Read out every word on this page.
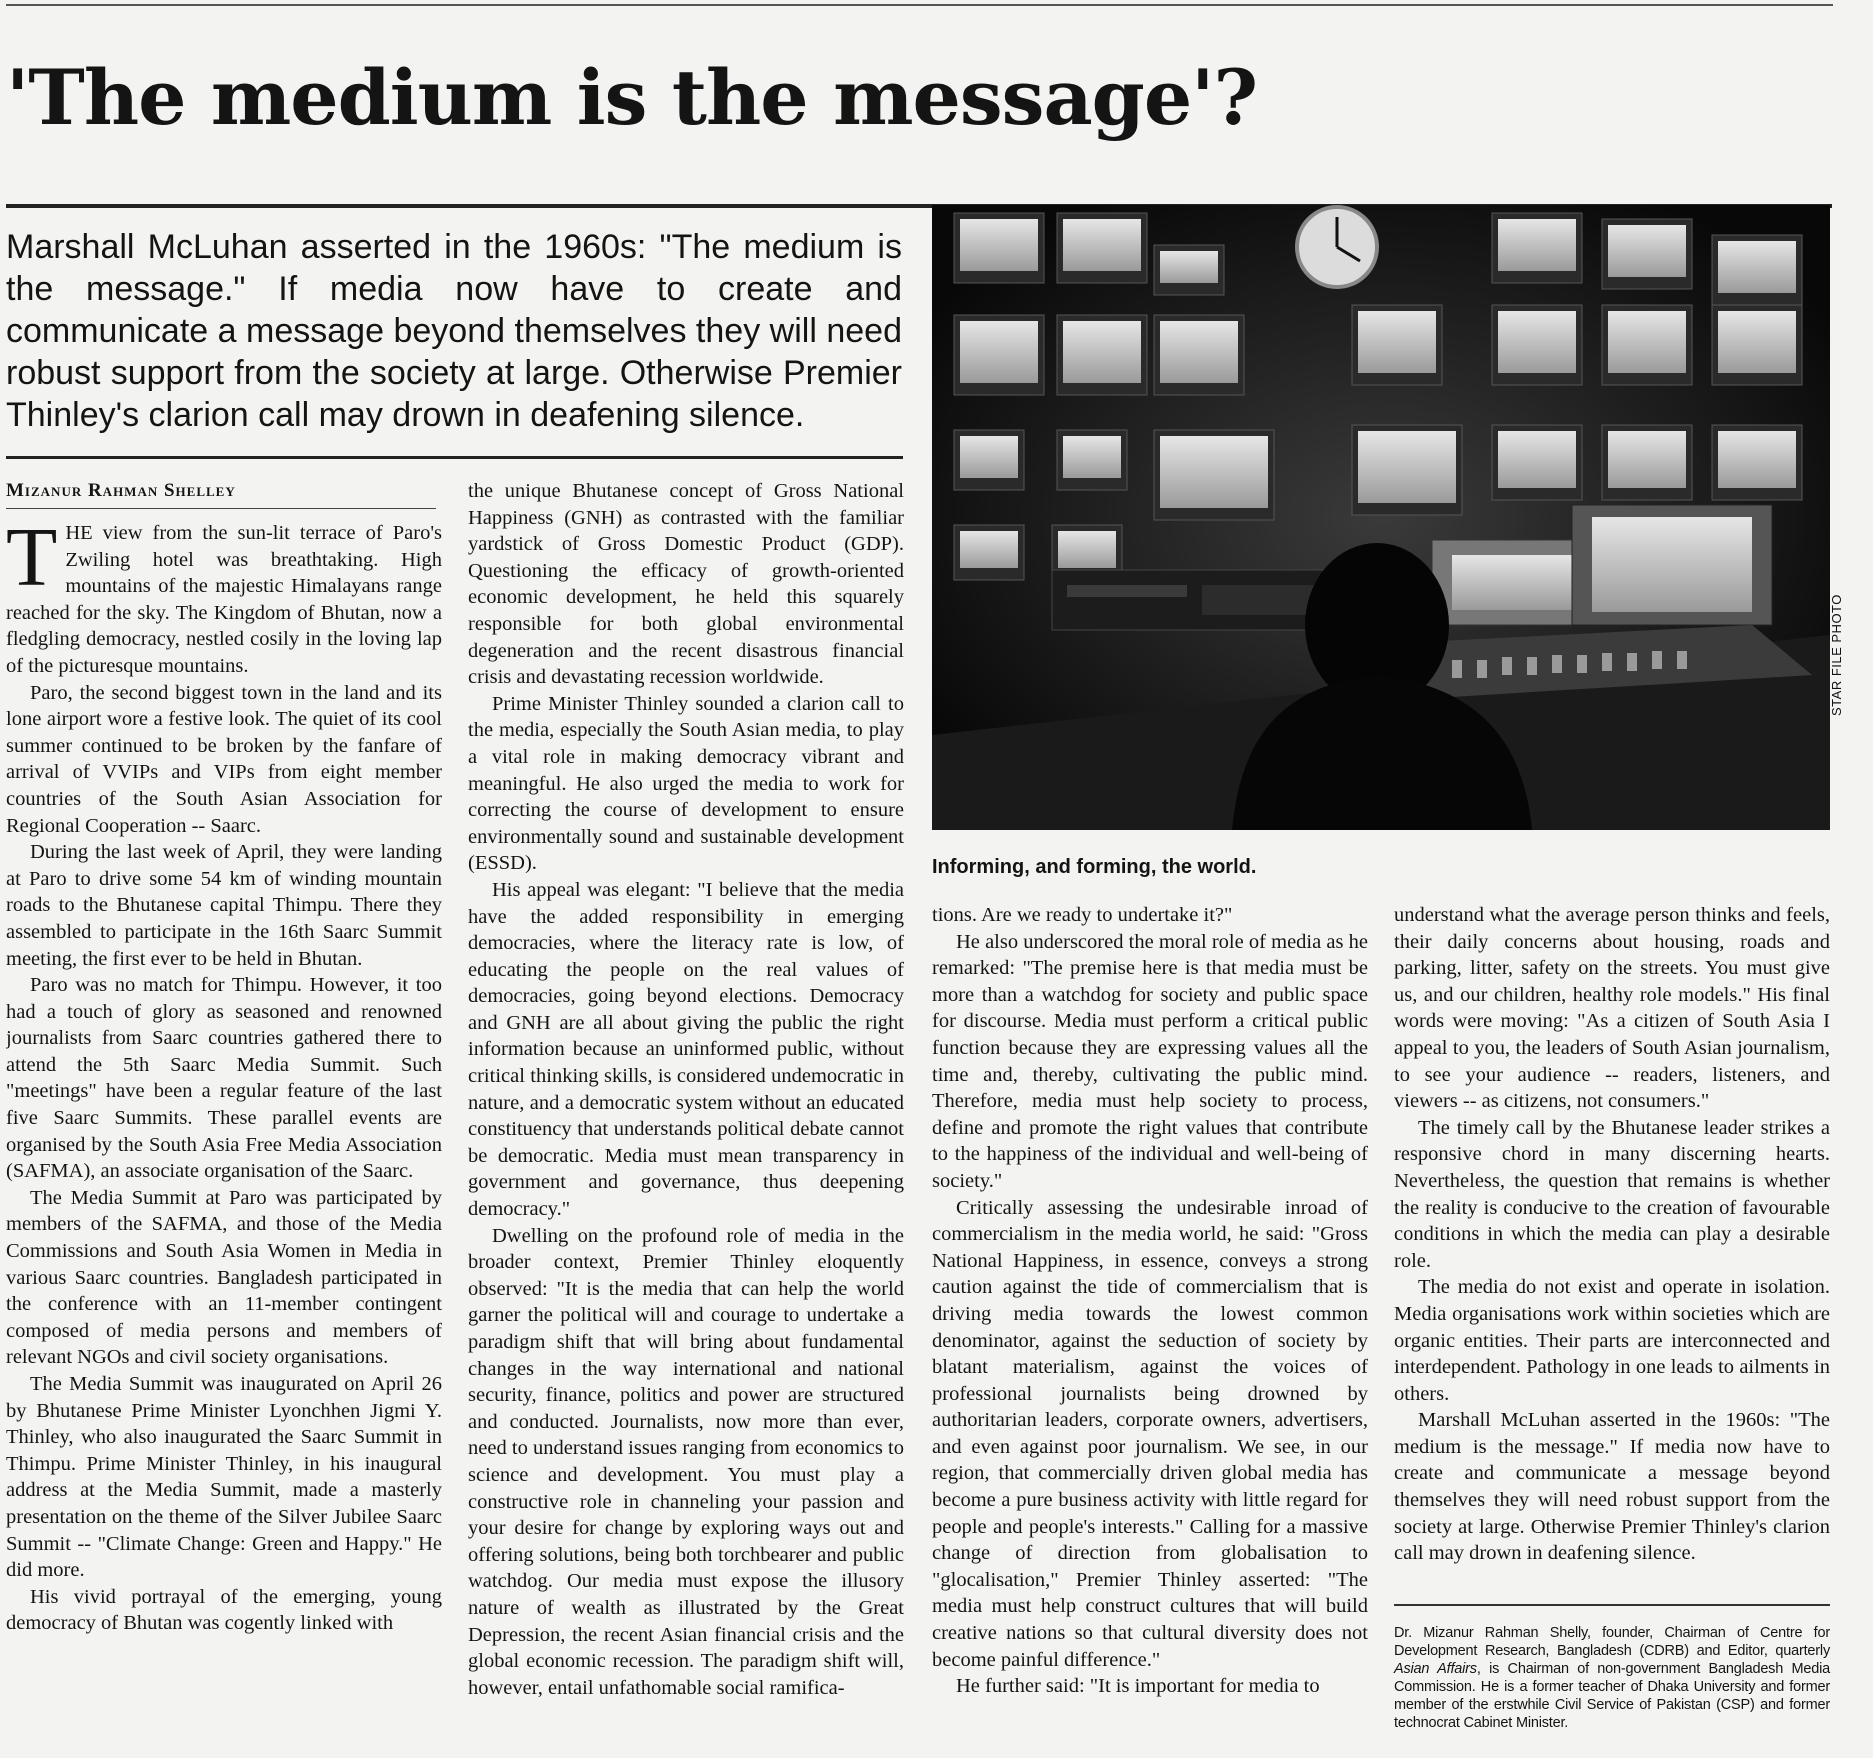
'The medium is the message'?

Marshall McLuhan asserted in the 1960s: "The medium is the message." If media now have to create and communicate a message beyond themselves they will need robust support from the society at large. Otherwise Premier Thinley's clarion call may drown in deafening silence.

Mizanur Rahman Shelley

THE view from the sun-lit terrace of Paro's Zwiling hotel was breathtaking. High mountains of the majestic Himalayans range reached for the sky. The Kingdom of Bhutan, now a fledgling democracy, nestled cosily in the loving lap of the picturesque mountains.

Paro, the second biggest town in the land and its lone airport wore a festive look. The quiet of its cool summer continued to be broken by the fanfare of arrival of VVIPs and VIPs from eight member countries of the South Asian Association for Regional Cooperation -- Saarc.

During the last week of April, they were landing at Paro to drive some 54 km of winding mountain roads to the Bhutanese capital Thimpu. There they assembled to participate in the 16th Saarc Summit meeting, the first ever to be held in Bhutan.

Paro was no match for Thimpu. However, it too had a touch of glory as seasoned and renowned journalists from Saarc countries gathered there to attend the 5th Saarc Media Summit. Such "meetings" have been a regular feature of the last five Saarc Summits. These parallel events are organised by the South Asia Free Media Association (SAFMA), an associate organisation of the Saarc.

The Media Summit at Paro was participated by members of the SAFMA, and those of the Media Commissions and South Asia Women in Media in various Saarc countries. Bangladesh participated in the conference with an 11-member contingent composed of media persons and members of relevant NGOs and civil society organisations.

The Media Summit was inaugurated on April 26 by Bhutanese Prime Minister Lyonchhen Jigmi Y. Thinley, who also inaugurated the Saarc Summit in Thimpu. Prime Minister Thinley, in his inaugural address at the Media Summit, made a masterly presentation on the theme of the Silver Jubilee Saarc Summit -- "Climate Change: Green and Happy." He did more.

His vivid portrayal of the emerging, young democracy of Bhutan was cogently linked with

the unique Bhutanese concept of Gross National Happiness (GNH) as contrasted with the familiar yardstick of Gross Domestic Product (GDP). Questioning the efficacy of growth-oriented economic development, he held this squarely responsible for both global environmental degeneration and the recent disastrous financial crisis and devastating recession worldwide.

Prime Minister Thinley sounded a clarion call to the media, especially the South Asian media, to play a vital role in making democracy vibrant and meaningful. He also urged the media to work for correcting the course of development to ensure environmentally sound and sustainable development (ESSD).

His appeal was elegant: "I believe that the media have the added responsibility in emerging democracies, where the literacy rate is low, of educating the people on the real values of democracies, going beyond elections. Democracy and GNH are all about giving the public the right information because an uninformed public, without critical thinking skills, is considered undemocratic in nature, and a democratic system without an educated constituency that understands political debate cannot be democratic. Media must mean transparency in government and governance, thus deepening democracy."

Dwelling on the profound role of media in the broader context, Premier Thinley eloquently observed: "It is the media that can help the world garner the political will and courage to undertake a paradigm shift that will bring about fundamental changes in the way international and national security, finance, politics and power are structured and conducted. Journalists, now more than ever, need to understand issues ranging from economics to science and development. You must play a constructive role in channeling your passion and your desire for change by exploring ways out and offering solutions, being both torchbearer and public watchdog. Our media must expose the illusory nature of wealth as illustrated by the Great Depression, the recent Asian financial crisis and the global economic recession. The paradigm shift will, however, entail unfathomable social ramifica-

STAR FILE PHOTO

Informing, and forming, the world.

tions. Are we ready to undertake it?"

He also underscored the moral role of media as he remarked: "The premise here is that media must be more than a watchdog for society and public space for discourse. Media must perform a critical public function because they are expressing values all the time and, thereby, cultivating the public mind. Therefore, media must help society to process, define and promote the right values that contribute to the happiness of the individual and well-being of society."

Critically assessing the undesirable inroad of commercialism in the media world, he said: "Gross National Happiness, in essence, conveys a strong caution against the tide of commercialism that is driving media towards the lowest common denominator, against the seduction of society by blatant materialism, against the voices of professional journalists being drowned by authoritarian leaders, corporate owners, advertisers, and even against poor journalism. We see, in our region, that commercially driven global media has become a pure business activity with little regard for people and people's interests." Calling for a massive change of direction from globalisation to "glocalisation," Premier Thinley asserted: "The media must help construct cultures that will build creative nations so that cultural diversity does not become painful difference."

He further said: "It is important for media to

understand what the average person thinks and feels, their daily concerns about housing, roads and parking, litter, safety on the streets. You must give us, and our children, healthy role models." His final words were moving: "As a citizen of South Asia I appeal to you, the leaders of South Asian journalism, to see your audience -- readers, listeners, and viewers -- as citizens, not consumers."

The timely call by the Bhutanese leader strikes a responsive chord in many discerning hearts. Nevertheless, the question that remains is whether the reality is conducive to the creation of favourable conditions in which the media can play a desirable role.

The media do not exist and operate in isolation. Media organisations work within societies which are organic entities. Their parts are interconnected and interdependent. Pathology in one leads to ailments in others.

Marshall McLuhan asserted in the 1960s: "The medium is the message." If media now have to create and communicate a message beyond themselves they will need robust support from the society at large. Otherwise Premier Thinley's clarion call may drown in deafening silence.

Dr. Mizanur Rahman Shelly, founder, Chairman of Centre for Development Research, Bangladesh (CDRB) and Editor, quarterly Asian Affairs, is Chairman of non-government Bangladesh Media Commission. He is a former teacher of Dhaka University and former member of the erstwhile Civil Service of Pakistan (CSP) and former technocrat Cabinet Minister.
